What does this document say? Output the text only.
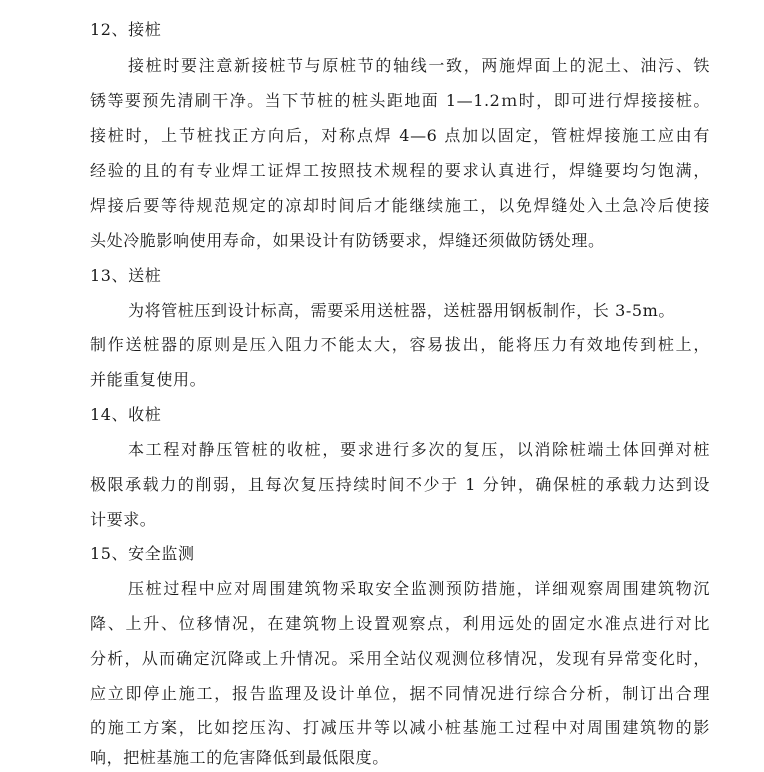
12、接桩
接桩时要注意新接桩节与原桩节的轴线一致，两施焊面上的泥土、油污、铁
锈等要预先清刷干净。当下节桩的桩头距地面 1—1.2ｍ时，即可进行焊接接桩。
接桩时，上节桩找正方向后，对称点焊 4—6 点加以固定，管桩焊接施工应由有
经验的且的有专业焊工证焊工按照技术规程的要求认真进行，焊缝要均匀饱满，
焊接后要等待规范规定的凉却时间后才能继续施工，以免焊缝处入土急冷后使接
头处冷脆影响使用寿命，如果设计有防锈要求，焊缝还须做防锈处理。
13、送桩
为将管桩压到设计标高，需要采用送桩器，送桩器用钢板制作，长 3-5m。
制作送桩器的原则是压入阻力不能太大，容易拔出，能将压力有效地传到桩上，
并能重复使用。
14、收桩
本工程对静压管桩的收桩，要求进行多次的复压，以消除桩端土体回弹对桩
极限承载力的削弱，且每次复压持续时间不少于 1 分钟，确保桩的承载力达到设
计要求。
15、安全监测
压桩过程中应对周围建筑物采取安全监测预防措施，详细观察周围建筑物沉
降、上升、位移情况，在建筑物上设置观察点，利用远处的固定水准点进行对比
分析，从而确定沉降或上升情况。采用全站仪观测位移情况，发现有异常变化时，
应立即停止施工，报告监理及设计单位，据不同情况进行综合分析，制订出合理
的施工方案，比如挖压沟、打减压井等以减小桩基施工过程中对周围建筑物的影
响，把桩基施工的危害降低到最低限度。
